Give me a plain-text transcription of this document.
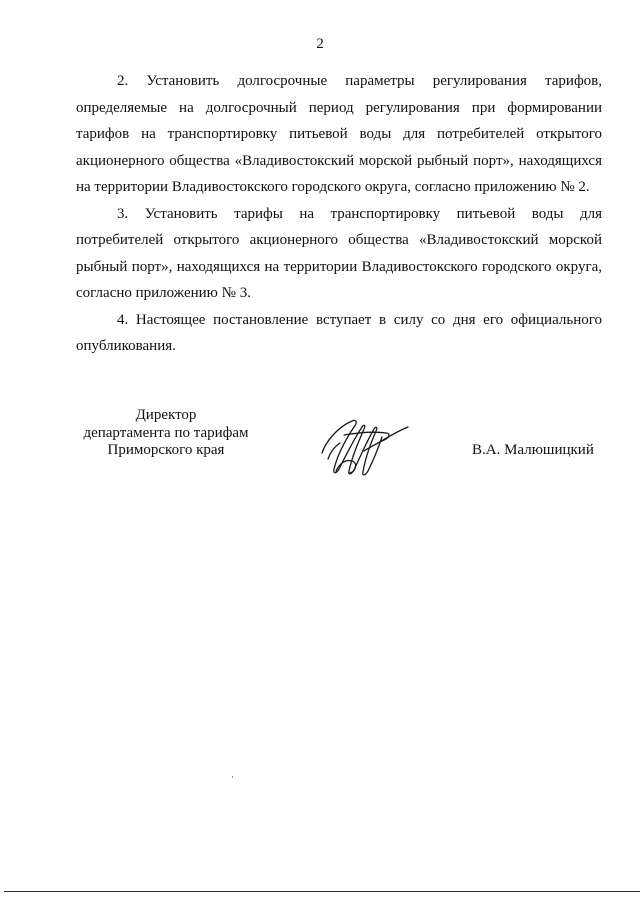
2

2. Установить долгосрочные параметры регулирования тарифов, определяемые на долгосрочный период регулирования при формировании тарифов на транспортировку питьевой воды для потребителей открытого акционерного общества «Владивостокский морской рыбный порт», находящихся на территории Владивостокского городского округа, согласно приложению № 2.

3. Установить тарифы на транспортировку питьевой воды для потребителей открытого акционерного общества «Владивостокский морской рыбный порт», находящихся на территории Владивостокского городского округа, согласно приложению № 3.

4. Настоящее постановление вступает в силу со дня его официального опубликования.

Директор
департамента по тарифам
Приморского края	В.А. Малюшицкий
